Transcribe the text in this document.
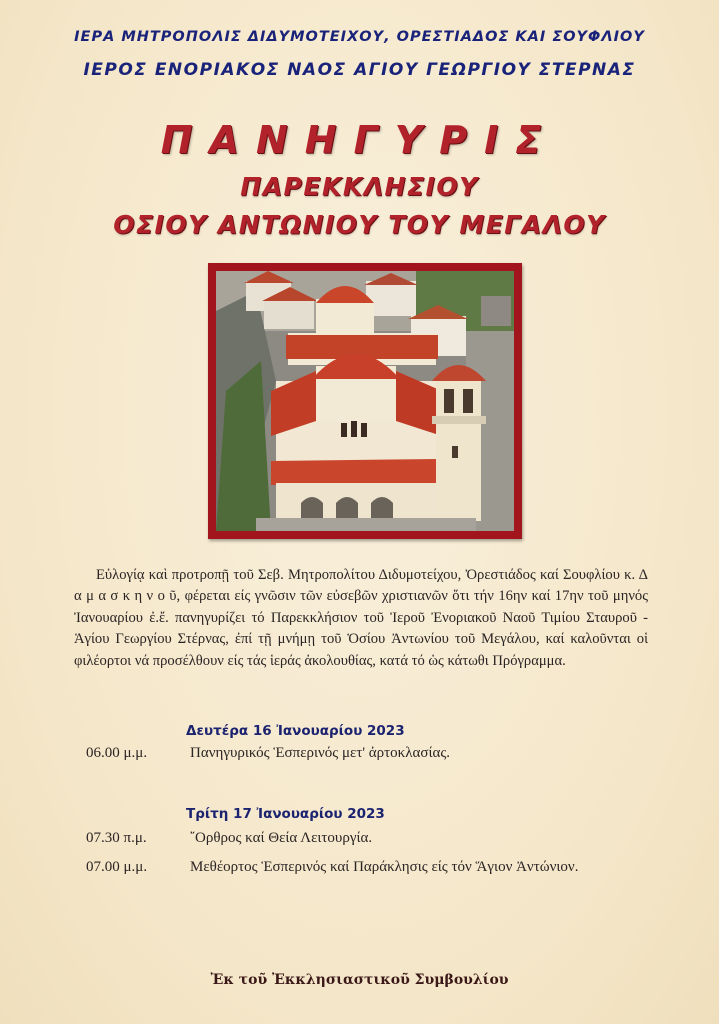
ΙΕΡΑ ΜΗΤΡΟΠΟΛΙΣ ΔΙΔΥΜΟΤΕΙΧΟΥ, ΟΡΕΣΤΙΑΔΟΣ ΚΑΙ ΣΟΥΦΛΙΟΥ
ΙΕΡΟΣ ΕΝΟΡΙΑΚΟΣ ΝΑΟΣ ΑΓΙΟΥ ΓΕΩΡΓΙΟΥ ΣΤΕΡΝΑΣ
ΠΑΝΗΓΥΡΙΣ
ΠΑΡΕΚΚΛΗΣΙΟΥ
ΟΣΙΟΥ ΑΝΤΩΝΙΟΥ ΤΟΥ ΜΕΓΑΛΟΥ

Εὐλογίᾳ καὶ προτροπῇ τοῦ Σεβ. Μητροπολίτου Διδυμοτείχου, Ὀρεστιάδος καί Σουφλίου κ. Δ α μ α σ κ η ν ο ῦ, φέρεται είς γνῶσιν τῶν εὐσεβῶν χριστιανῶν ὅτι τήν 16ην καί 17ην τοῦ μηνός Ἰανουαρίου ἐ.ἔ. πανηγυρίζει τό Παρεκκλήσιον τοῦ Ἱεροῦ Ἐνοριακοῦ Ναοῦ Τιμίου Σταυροῦ - Ἁγίου Γεωργίου Στέρνας, ἐπί τῇ μνήμῃ τοῦ Ὁσίου Ἀντωνίου τοῦ Μεγάλου, καί καλοῦνται οἱ φιλέορτοι νά προσέλθουν είς τάς ἱεράς ἀκολουθίας, κατά τό ὡς κάτωθι Πρόγραμμα.

Δευτέρα 16 Ἰανουαρίου 2023
06.00 μ.μ.	Πανηγυρικός Ἑσπερινός μετ' ἀρτοκλασίας.
Τρίτη 17 Ἰανουαρίου 2023
07.30 π.μ.	῎Ορθρος καί Θεία Λειτουργία.
07.00 μ.μ.	Μεθέορτος Ἑσπερινός καί Παράκλησις είς τόν Ἅγιον Ἀντώνιον.
Ἐκ τοῦ Ἐκκλησιαστικοῦ Συμβουλίου
